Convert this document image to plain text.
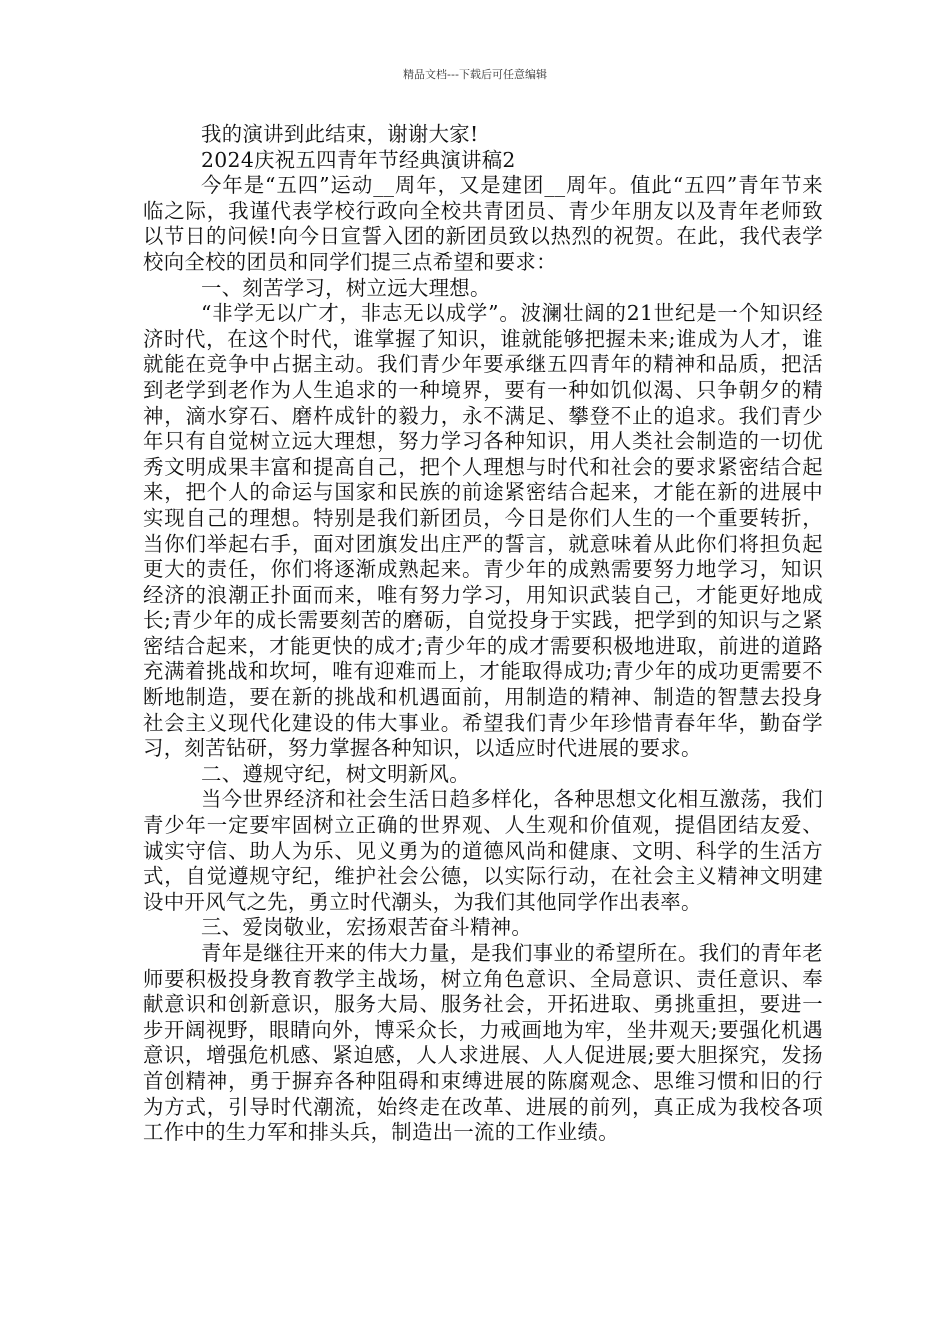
精品文档---下载后可任意编辑

我的演讲到此结束，谢谢大家!

2024庆祝五四青年节经典演讲稿2

今年是“五四”运动__周年，又是建团__周年。值此“五四”青年节来临之际，我谨代表学校行政向全校共青团员、青少年朋友以及青年老师致以节日的问候!向今日宣誓入团的新团员致以热烈的祝贺。在此，我代表学校向全校的团员和同学们提三点希望和要求：

一、刻苦学习，树立远大理想。

“非学无以广才，非志无以成学”。波澜壮阔的21世纪是一个知识经济时代，在这个时代，谁掌握了知识，谁就能够把握未来;谁成为人才，谁就能在竞争中占据主动。我们青少年要承继五四青年的精神和品质，把活到老学到老作为人生追求的一种境界，要有一种如饥似渴、只争朝夕的精神，滴水穿石、磨杵成针的毅力，永不满足、攀登不止的追求。我们青少年只有自觉树立远大理想，努力学习各种知识，用人类社会制造的一切优秀文明成果丰富和提高自己，把个人理想与时代和社会的要求紧密结合起来，把个人的命运与国家和民族的前途紧密结合起来，才能在新的进展中实现自己的理想。特别是我们新团员，今日是你们人生的一个重要转折，当你们举起右手，面对团旗发出庄严的誓言，就意味着从此你们将担负起更大的责任，你们将逐渐成熟起来。青少年的成熟需要努力地学习，知识经济的浪潮正扑面而来，唯有努力学习，用知识武装自己，才能更好地成长;青少年的成长需要刻苦的磨砺，自觉投身于实践，把学到的知识与之紧密结合起来，才能更快的成才;青少年的成才需要积极地进取，前进的道路充满着挑战和坎坷，唯有迎难而上，才能取得成功;青少年的成功更需要不断地制造，要在新的挑战和机遇面前，用制造的精神、制造的智慧去投身社会主义现代化建设的伟大事业。希望我们青少年珍惜青春年华，勤奋学习，刻苦钻研，努力掌握各种知识，以适应时代进展的要求。

二、遵规守纪，树文明新风。

当今世界经济和社会生活日趋多样化，各种思想文化相互激荡，我们青少年一定要牢固树立正确的世界观、人生观和价值观，提倡团结友爱、诚实守信、助人为乐、见义勇为的道德风尚和健康、文明、科学的生活方式，自觉遵规守纪，维护社会公德，以实际行动，在社会主义精神文明建设中开风气之先，勇立时代潮头，为我们其他同学作出表率。

三、爱岗敬业，宏扬艰苦奋斗精神。

青年是继往开来的伟大力量，是我们事业的希望所在。我们的青年老师要积极投身教育教学主战场，树立角色意识、全局意识、责任意识、奉献意识和创新意识，服务大局、服务社会，开拓进取、勇挑重担，要进一步开阔视野，眼睛向外，博采众长，力戒画地为牢，坐井观天;要强化机遇意识，增强危机感、紧迫感，人人求进展、人人促进展;要大胆探究，发扬首创精神，勇于摒弃各种阻碍和束缚进展的陈腐观念、思维习惯和旧的行为方式，引导时代潮流，始终走在改革、进展的前列，真正成为我校各项工作中的生力军和排头兵，制造出一流的工作业绩。
